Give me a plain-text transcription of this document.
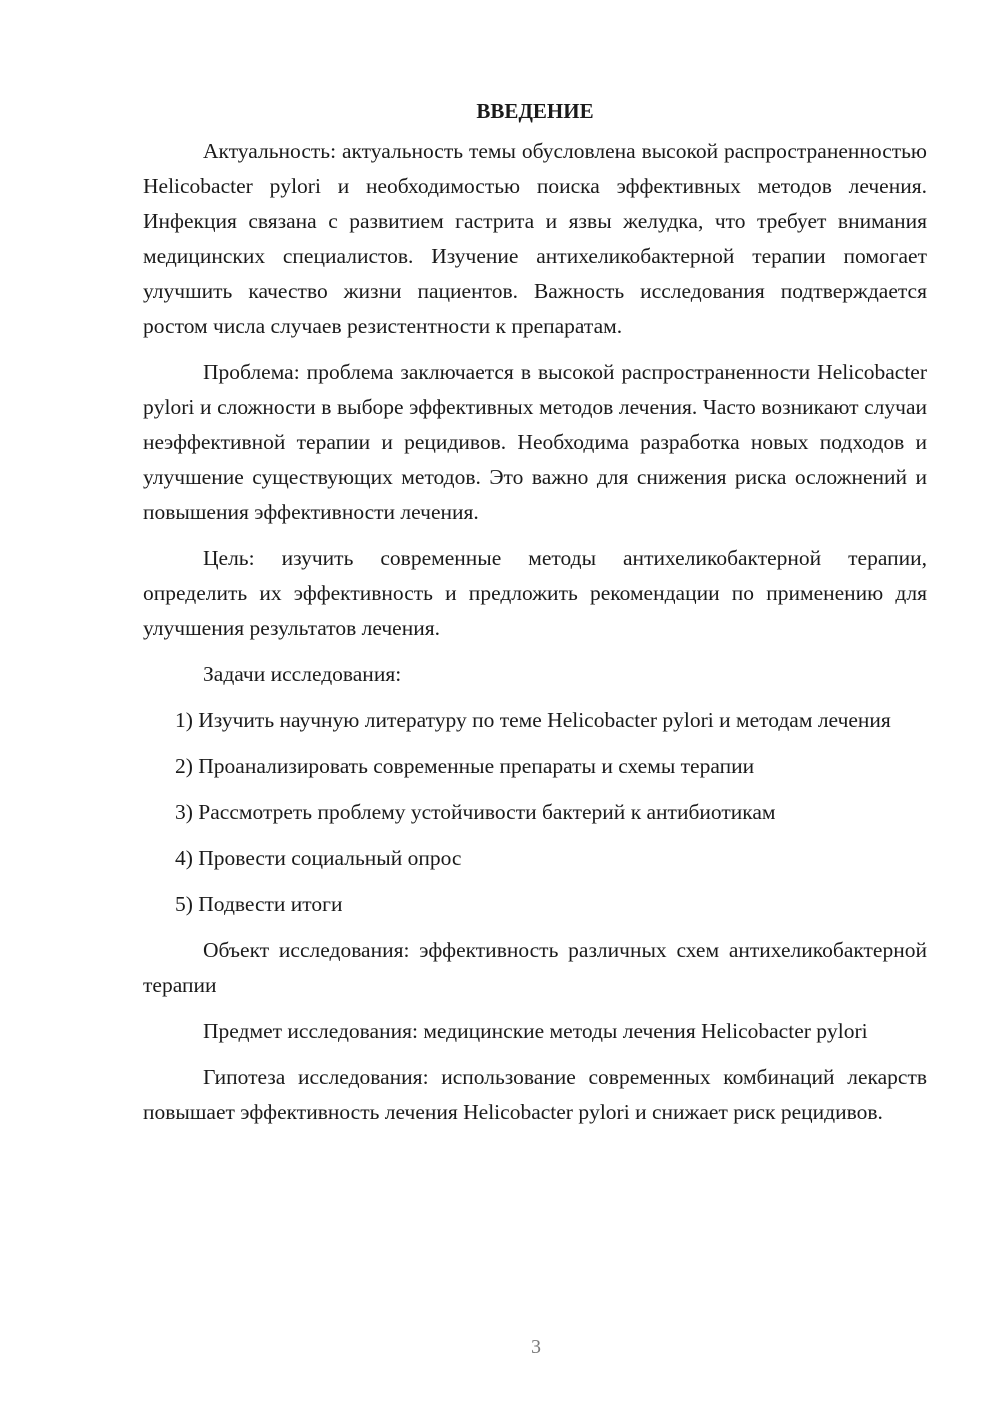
ВВЕДЕНИЕ

Актуальность: актуальность темы обусловлена высокой распространенностью Helicobacter pylori и необходимостью поиска эффективных методов лечения. Инфекция связана с развитием гастрита и язвы желудка, что требует внимания медицинских специалистов. Изучение антихеликобактерной терапии помогает улучшить качество жизни пациентов. Важность исследования подтверждается ростом числа случаев резистентности к препаратам.

Проблема: проблема заключается в высокой распространенности Helicobacter pylori и сложности в выборе эффективных методов лечения. Часто возникают случаи неэффективной терапии и рецидивов. Необходима разработка новых подходов и улучшение существующих методов. Это важно для снижения риска осложнений и повышения эффективности лечения.

Цель: изучить современные методы антихеликобактерной терапии, определить их эффективность и предложить рекомендации по применению для улучшения результатов лечения.

Задачи исследования:

1) Изучить научную литературу по теме Helicobacter pylori и методам лечения

2) Проанализировать современные препараты и схемы терапии

3) Рассмотреть проблему устойчивости бактерий к антибиотикам

4) Провести социальный опрос

5) Подвести итоги

Объект исследования: эффективность различных схем антихеликобактерной терапии

Предмет исследования: медицинские методы лечения Helicobacter pylori

Гипотеза исследования: использование современных комбинаций лекарств повышает эффективность лечения Helicobacter pylori и снижает риск рецидивов.

3
